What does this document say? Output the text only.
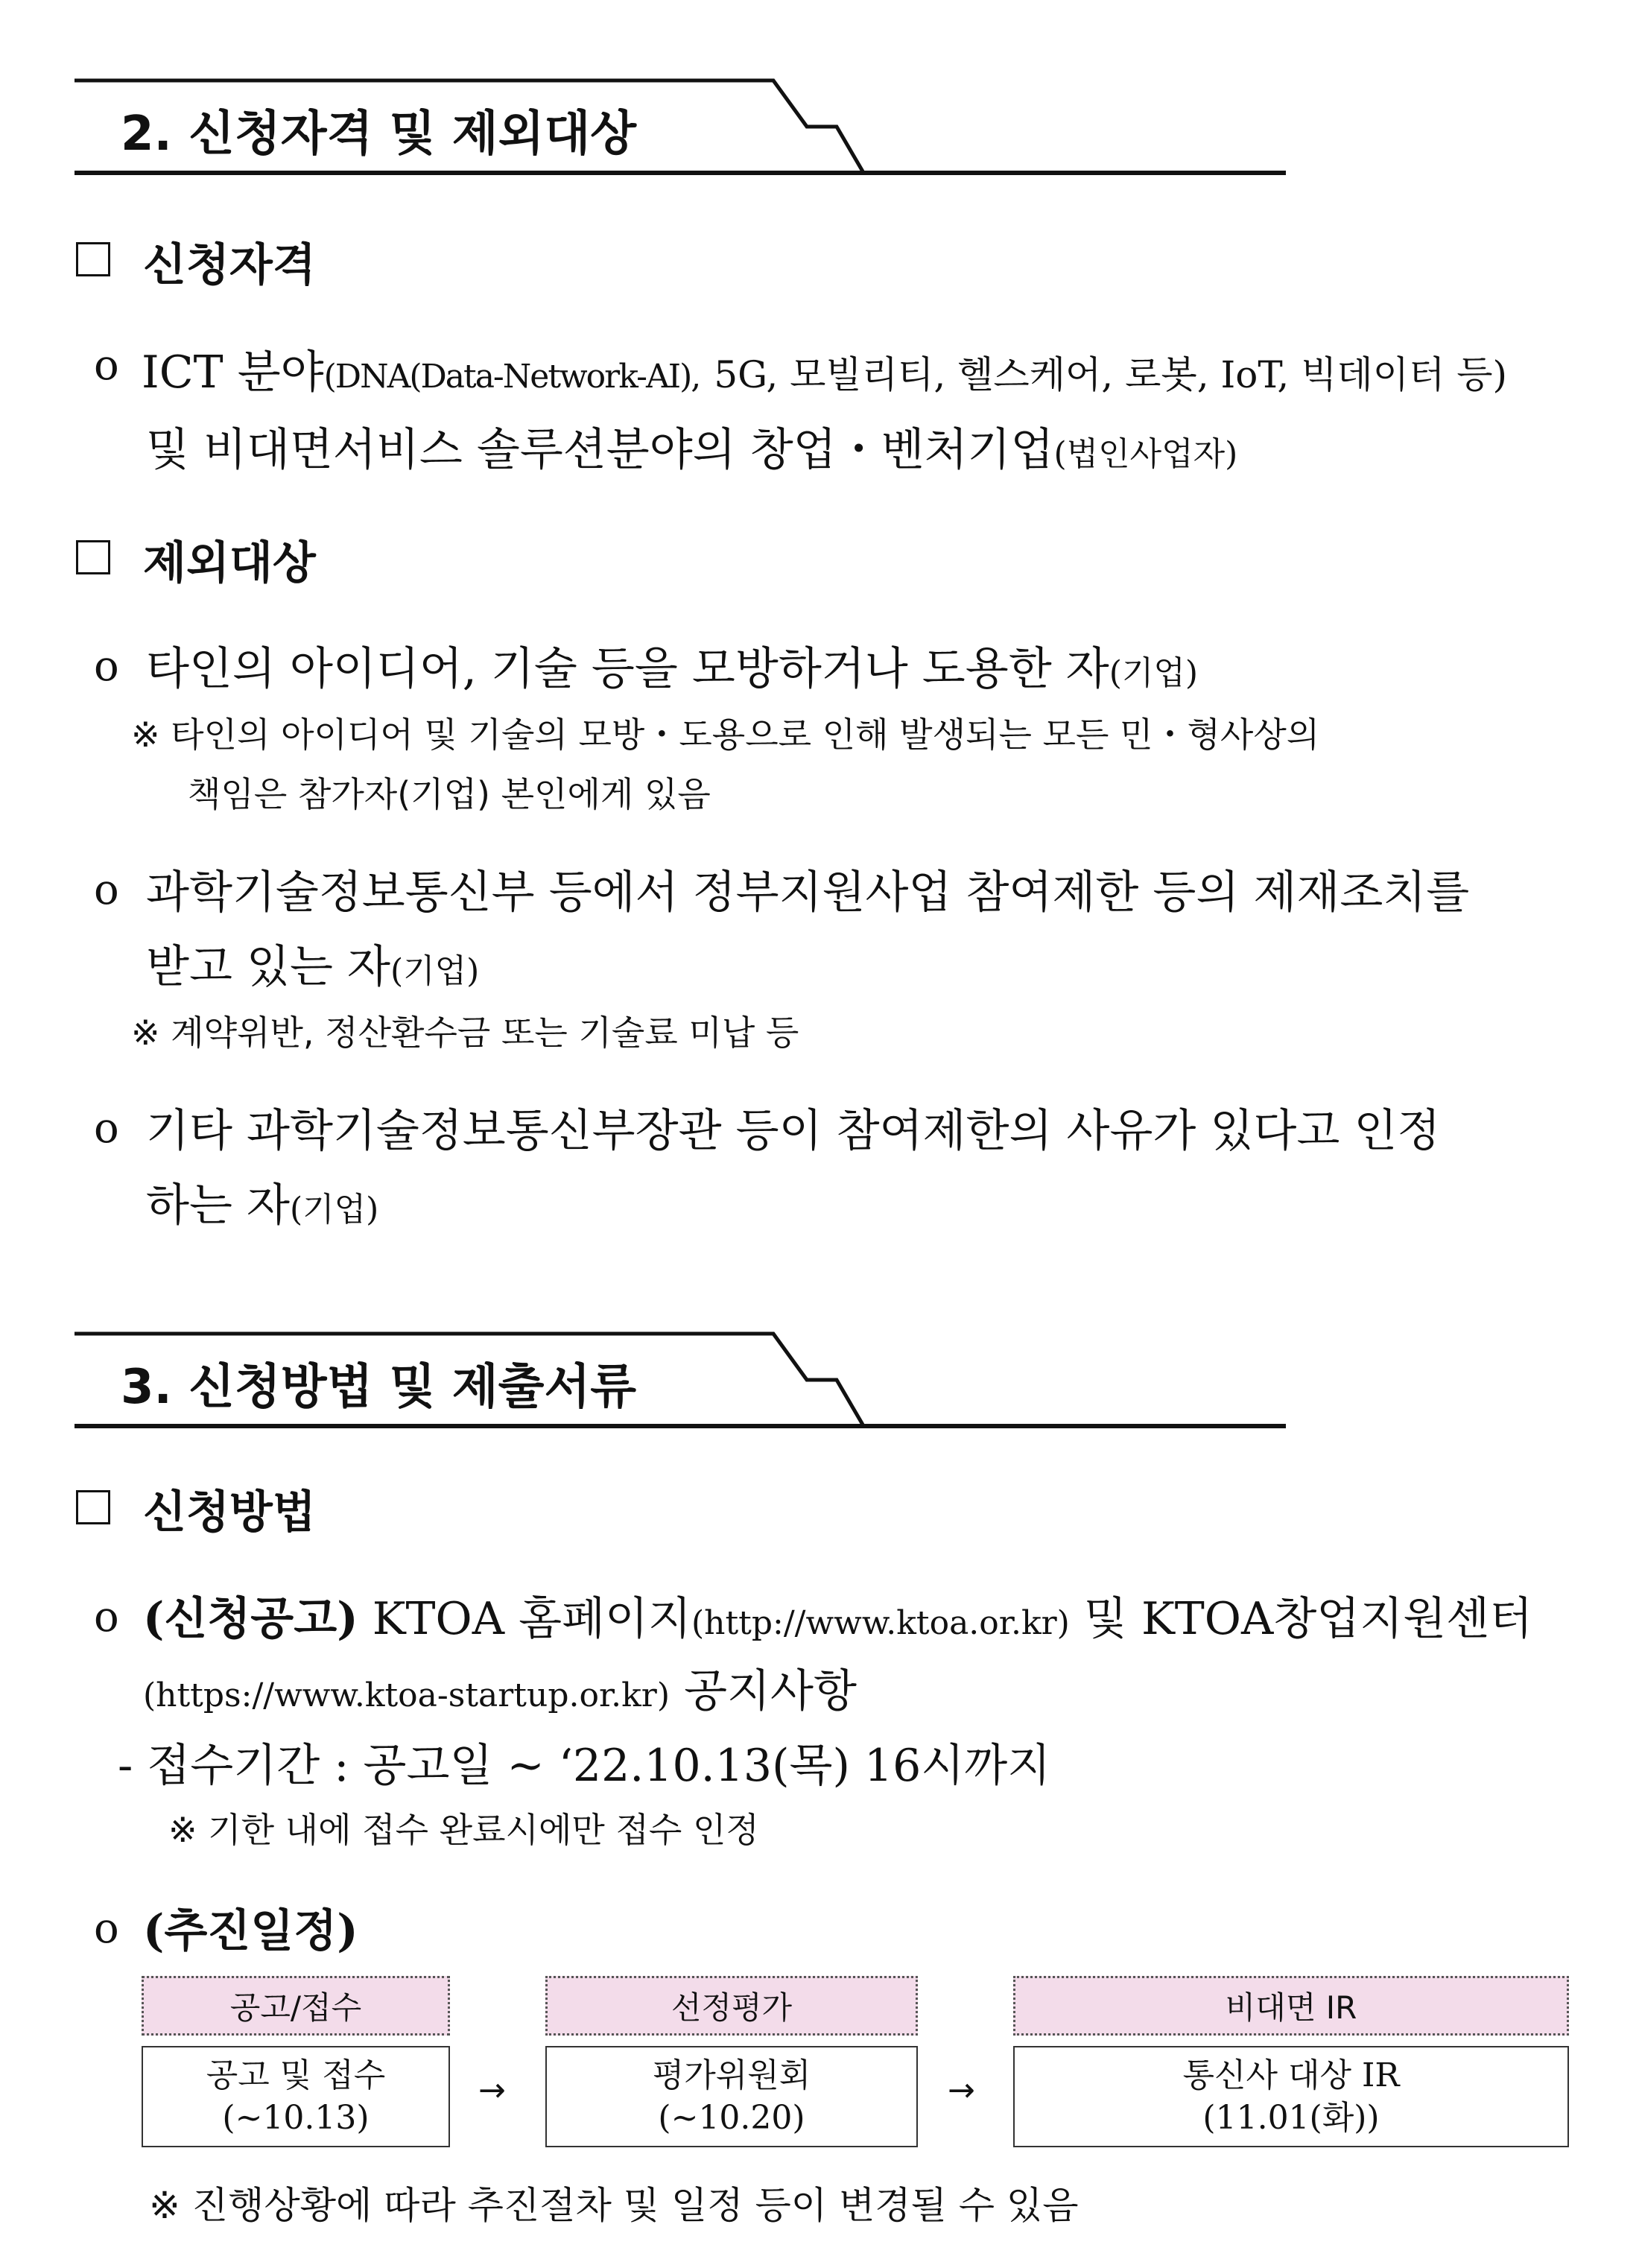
2. 신청자격 및 제외대상
신청자격
o ICT 분야(DNA(Data-Network-AI), 5G, 모빌리티, 헬스케어, 로봇, IoT, 빅데이터 등)
및 비대면서비스 솔루션분야의 창업・벤처기업(법인사업자)
제외대상
o 타인의 아이디어, 기술 등을 모방하거나 도용한 자(기업)
※ 타인의 아이디어 및 기술의 모방・도용으로 인해 발생되는 모든 민・형사상의
책임은 참가자(기업) 본인에게 있음
o 과학기술정보통신부 등에서 정부지원사업 참여제한 등의 제재조치를
받고 있는 자(기업)
※ 계약위반, 정산환수금 또는 기술료 미납 등
o 기타 과학기술정보통신부장관 등이 참여제한의 사유가 있다고 인정
하는 자(기업)
3. 신청방법 및 제출서류
신청방법
o (신청공고) KTOA 홈페이지(http://www.ktoa.or.kr) 및 KTOA창업지원센터
(https://www.ktoa-startup.or.kr) 공지사항
- 접수기간 : 공고일 ~ ‘22.10.13(목) 16시까지
※ 기한 내에 접수 완료시에만 접수 인정
o (추진일정)
공고/접수
공고 및 접수
(~10.13)
→
선정평가
평가위원회
(~10.20)
→
비대면 IR
통신사 대상 IR
(11.01(화))
※ 진행상황에 따라 추진절차 및 일정 등이 변경될 수 있음
